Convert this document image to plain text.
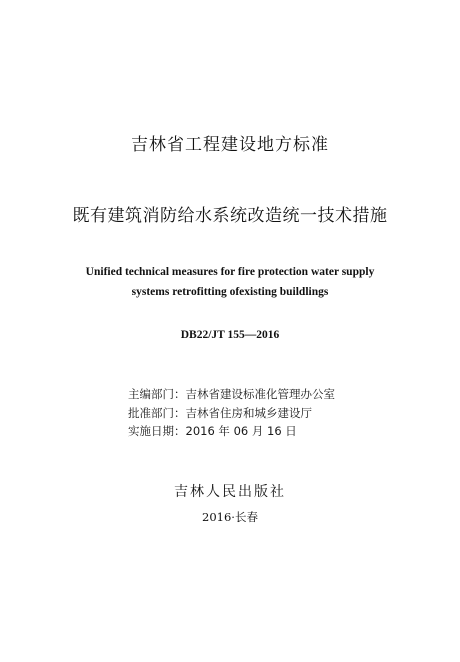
吉林省工程建设地方标准
既有建筑消防给水系统改造统一技术措施
Unified technical measures for fire protection water supply
systems retrofitting ofexisting buildlings
DB22/JT 155—2016
主编部门：吉林省建设标准化管理办公室
批准部门：吉林省住房和城乡建设厅
实施日期：2016 年 06 月 16 日
吉林人民出版社
2016·长春
